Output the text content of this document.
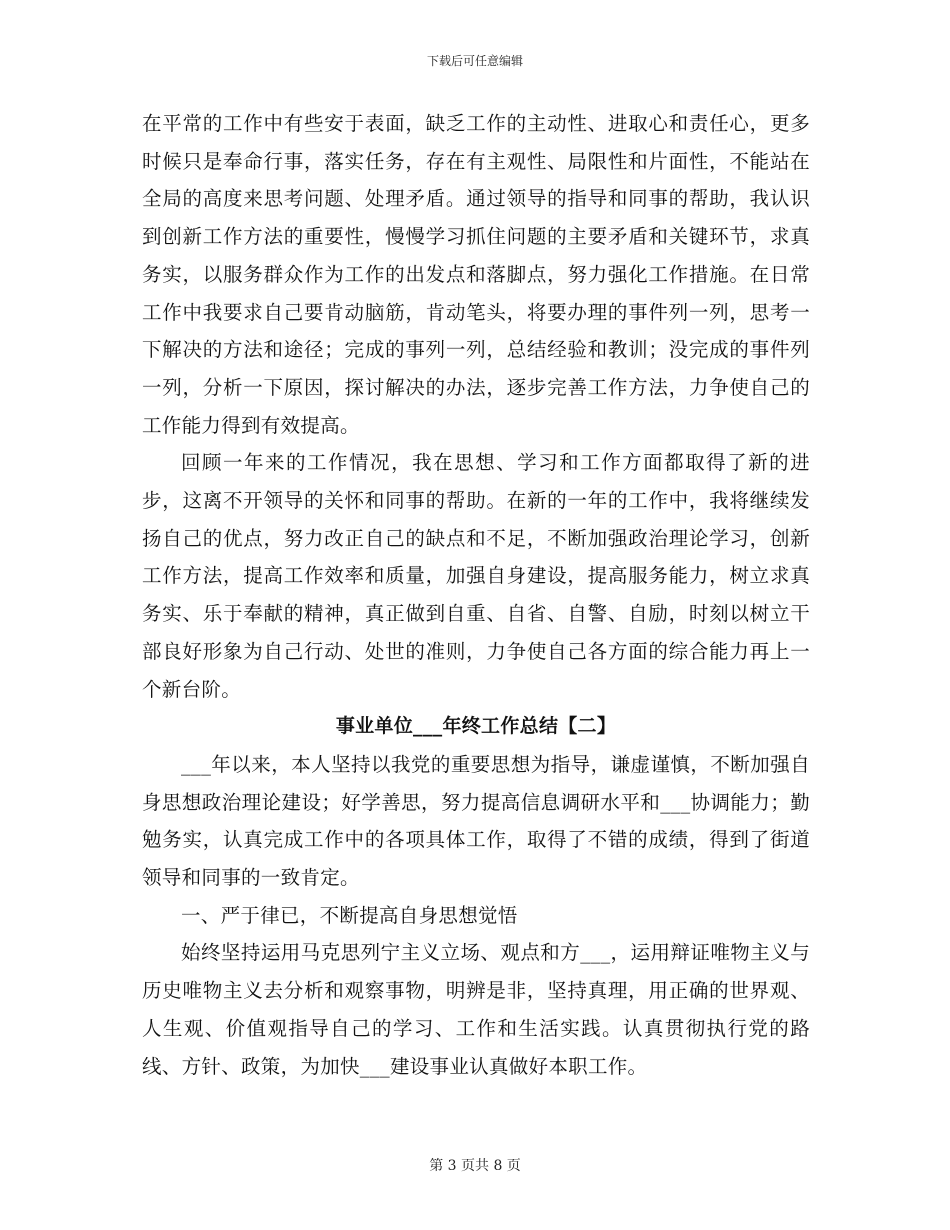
下载后可任意编辑

在平常的工作中有些安于表面，缺乏工作的主动性、进取心和责任心，更多时候只是奉命行事，落实任务，存在有主观性、局限性和片面性，不能站在全局的高度来思考问题、处理矛盾。通过领导的指导和同事的帮助，我认识到创新工作方法的重要性，慢慢学习抓住问题的主要矛盾和关键环节，求真务实，以服务群众作为工作的出发点和落脚点，努力强化工作措施。在日常工作中我要求自己要肯动脑筋，肯动笔头，将要办理的事件列一列，思考一下解决的方法和途径；完成的事列一列，总结经验和教训；没完成的事件列一列，分析一下原因，探讨解决的办法，逐步完善工作方法，力争使自己的工作能力得到有效提高。

回顾一年来的工作情况，我在思想、学习和工作方面都取得了新的进步，这离不开领导的关怀和同事的帮助。在新的一年的工作中，我将继续发扬自己的优点，努力改正自己的缺点和不足，不断加强政治理论学习，创新工作方法，提高工作效率和质量，加强自身建设，提高服务能力，树立求真务实、乐于奉献的精神，真正做到自重、自省、自警、自励，时刻以树立干部良好形象为自己行动、处世的准则，力争使自己各方面的综合能力再上一个新台阶。

事业单位___年终工作总结【二】

___年以来，本人坚持以我党的重要思想为指导，谦虚谨慎，不断加强自身思想政治理论建设；好学善思，努力提高信息调研水平和___协调能力；勤勉务实，认真完成工作中的各项具体工作，取得了不错的成绩，得到了街道领导和同事的一致肯定。

一、严于律已，不断提高自身思想觉悟

始终坚持运用马克思列宁主义立场、观点和方___，运用辩证唯物主义与历史唯物主义去分析和观察事物，明辨是非，坚持真理，用正确的世界观、人生观、价值观指导自己的学习、工作和生活实践。认真贯彻执行党的路线、方针、政策，为加快___建设事业认真做好本职工作。

第 3 页共 8 页
